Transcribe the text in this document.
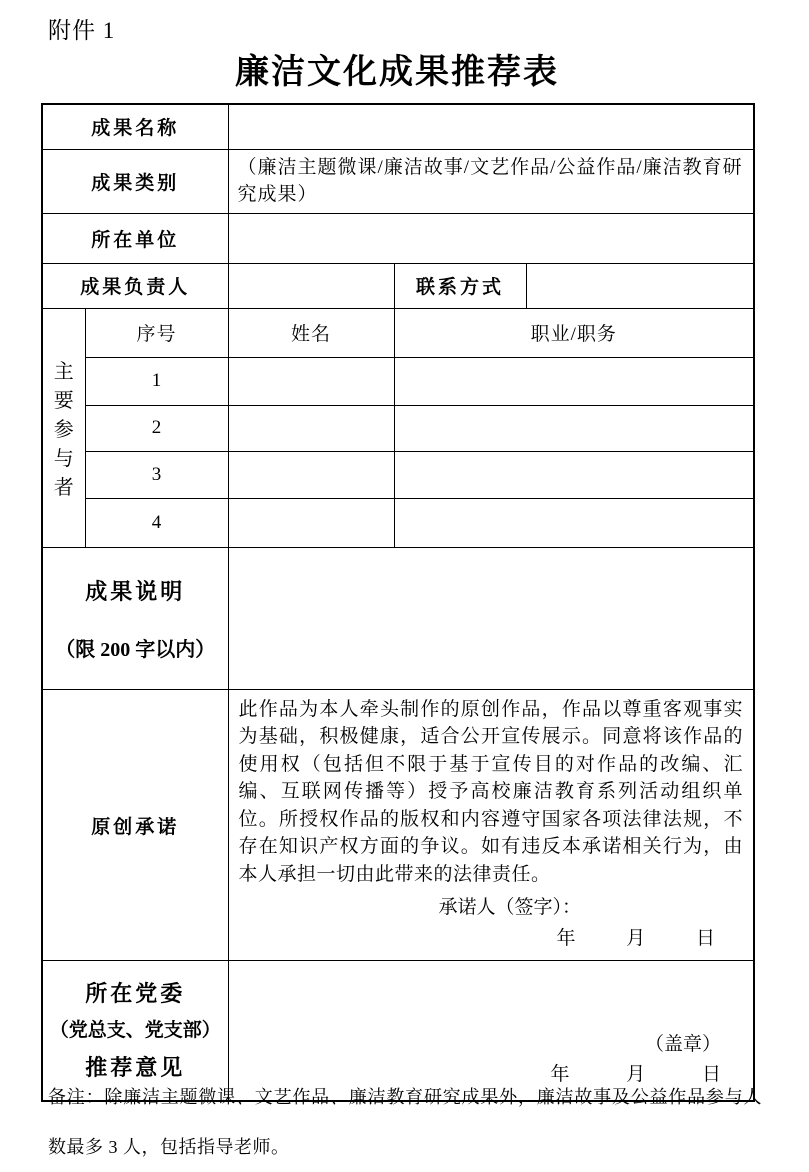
附件 1
廉洁文化成果推荐表
成果名称				
成果类别		（廉洁主题微课/廉洁故事/文艺作品/公益作品/廉洁教育研究成果）		
所在单位				
成果负责人			联系方式	

主
要
参
与
者	序号	姓名	职业/职务	
	1			
	2			
	3			
	4			

成果说明
（限 200 字以内）				

原创承诺		此作品为本人牵头制作的原创作品，作品以尊重客观事实为基础，积极健康，适合公开宣传展示。同意将该作品的使用权（包括但不限于基于宣传目的对作品的改编、汇编、互联网传播等）授予高校廉洁教育系列活动组织单位。所授权作品的版权和内容遵守国家各项法律法规，不存在知识产权方面的争议。如有违反本承诺相关行为，由本人承担一切由此带来的法律责任。
承诺人（签字）：
年 月 日		

所在党委
（党总支、党支部）
推荐意见

（盖章）
年	月	日
备注：除廉洁主题微课、文艺作品、廉洁教育研究成果外，廉洁故事及公益作品参与人数最多 3 人，包括指导老师。
